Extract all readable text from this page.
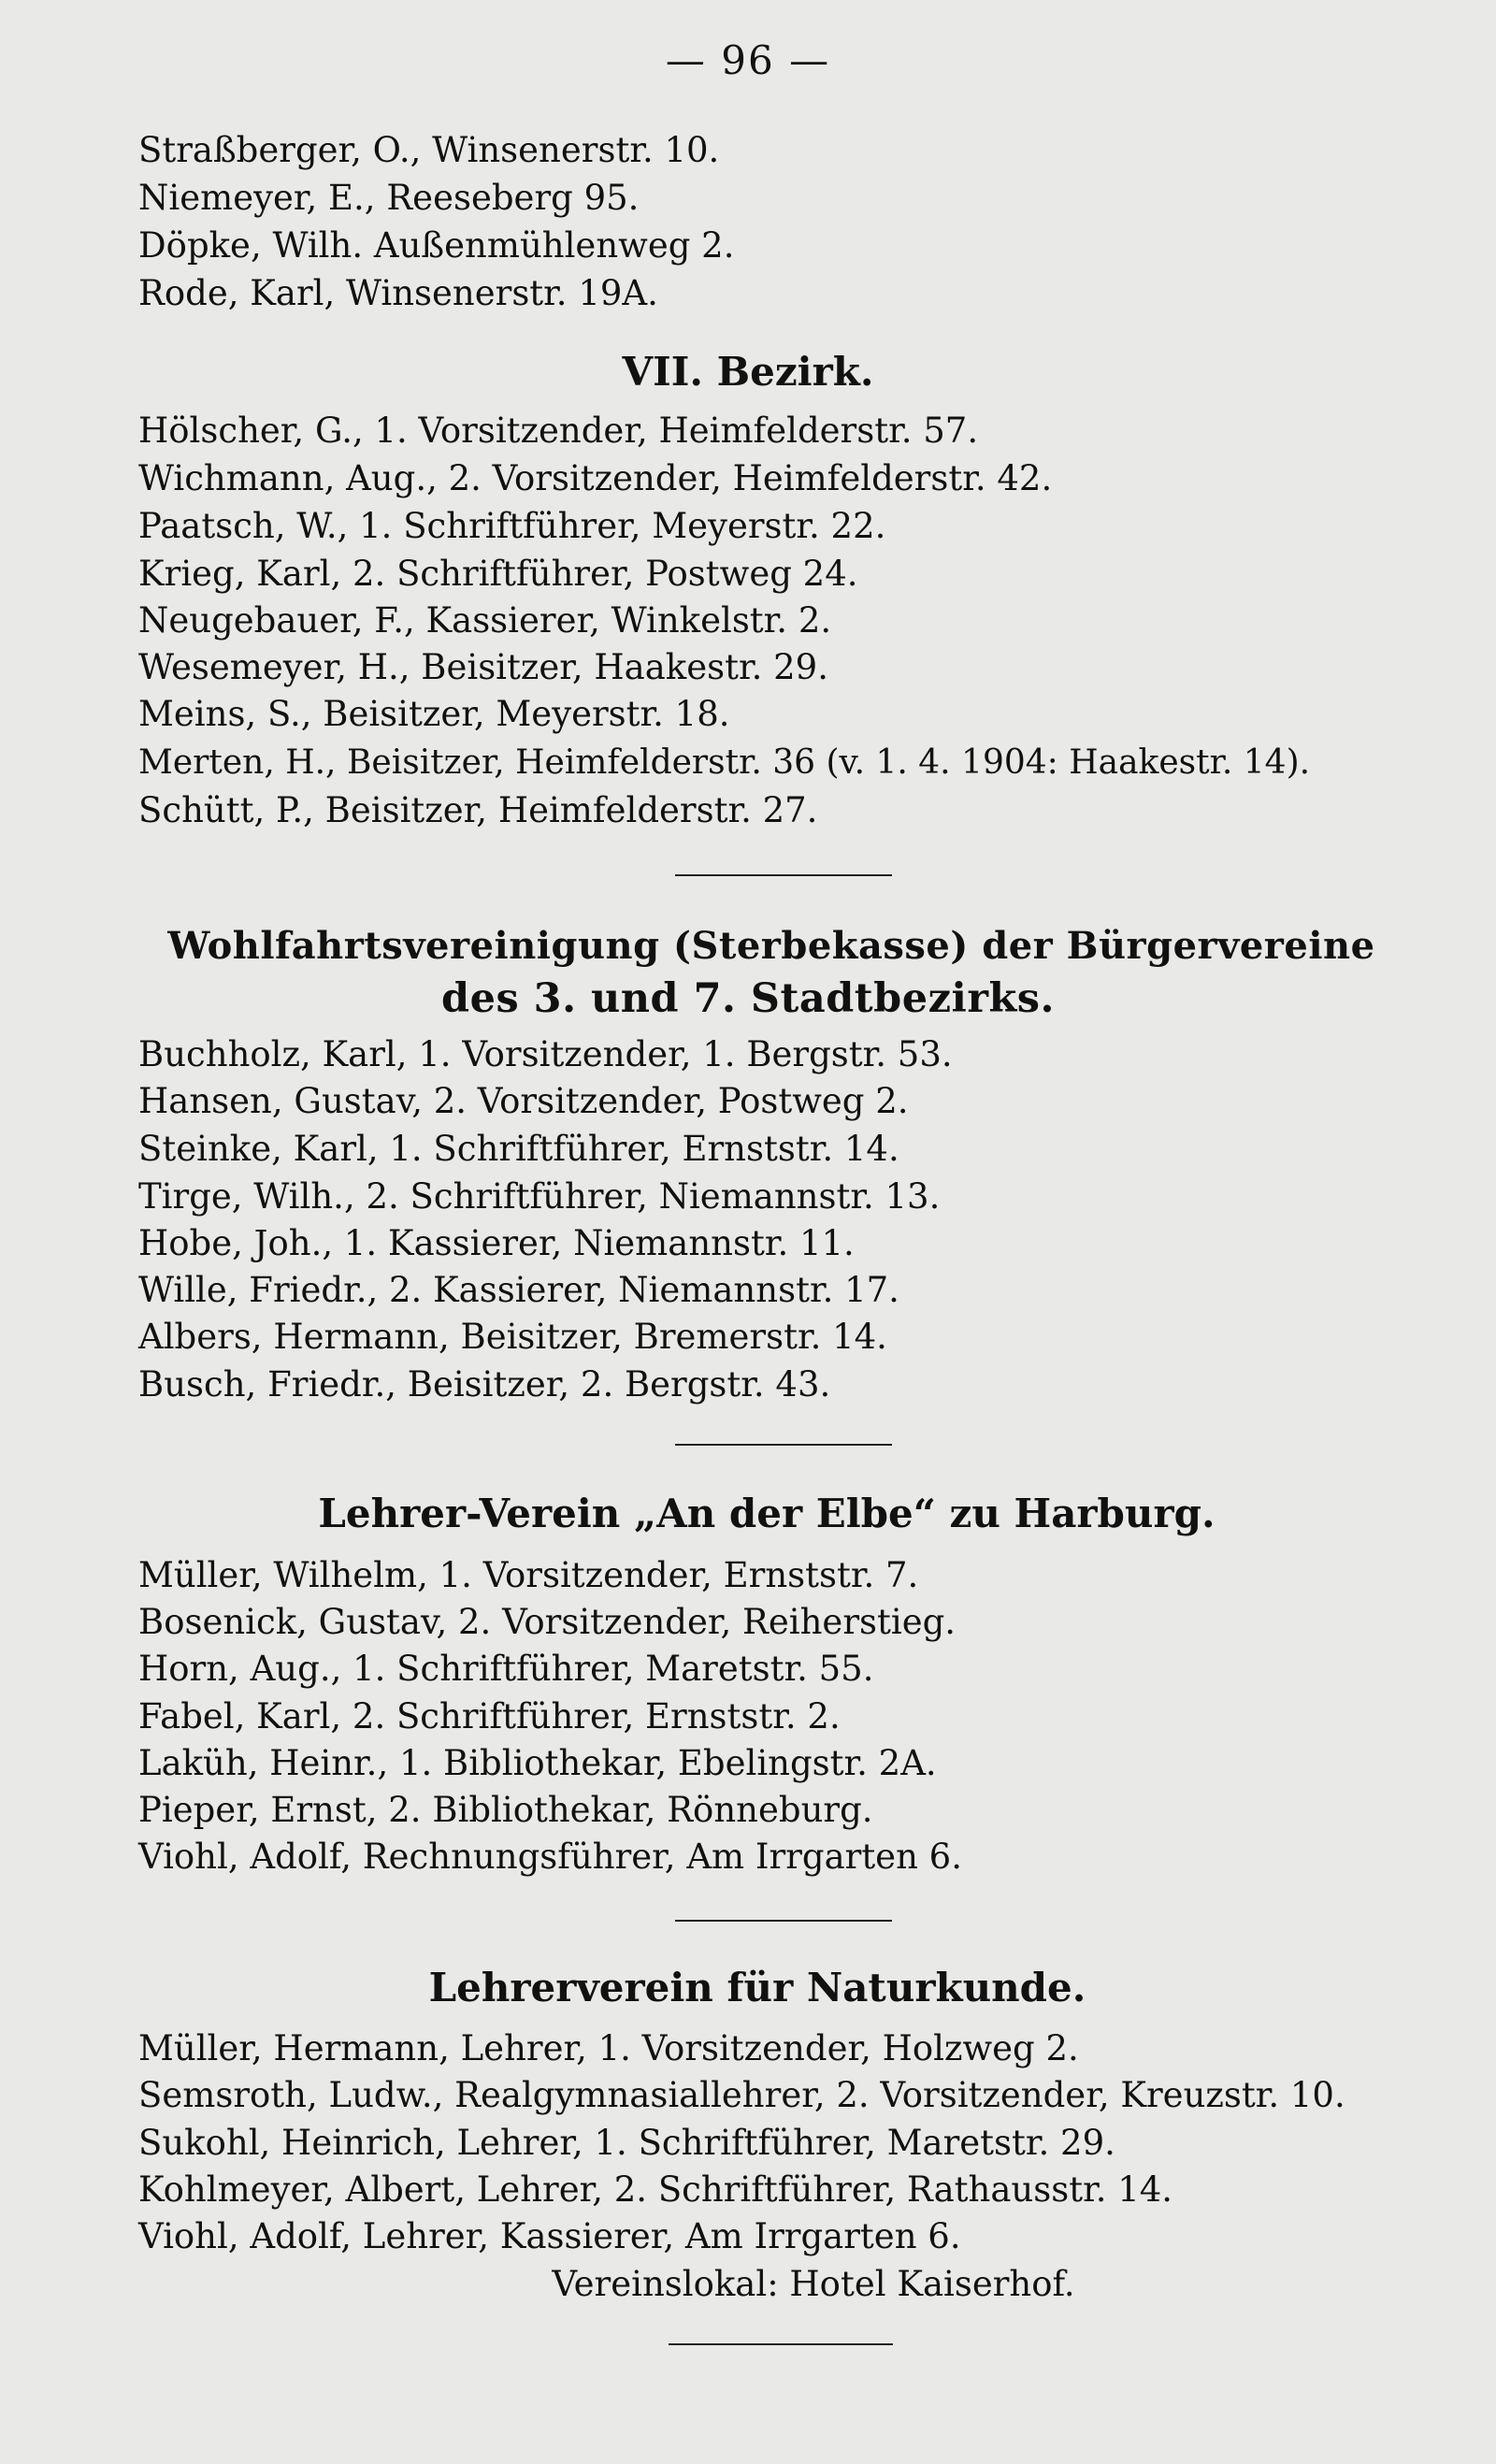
— 96 —
Straßberger, O., Winsenerstr. 10.
Niemeyer, E., Reeseberg 95.
Döpke, Wilh. Außenmühlenweg 2.
Rode, Karl, Winsenerstr. 19A.
VII. Bezirk.
Hölscher, G., 1. Vorsitzender, Heimfelderstr. 57.
Wichmann, Aug., 2. Vorsitzender, Heimfelderstr. 42.
Paatsch, W., 1. Schriftführer, Meyerstr. 22.
Krieg, Karl, 2. Schriftführer, Postweg 24.
Neugebauer, F., Kassierer, Winkelstr. 2.
Wesemeyer, H., Beisitzer, Haakestr. 29.
Meins, S., Beisitzer, Meyerstr. 18.
Merten, H., Beisitzer, Heimfelderstr. 36 (v. 1. 4. 1904: Haakestr. 14).
Schütt, P., Beisitzer, Heimfelderstr. 27.
Wohlfahrtsvereinigung (Sterbekasse) der Bürgervereine
des 3. und 7. Stadtbezirks.
Buchholz, Karl, 1. Vorsitzender, 1. Bergstr. 53.
Hansen, Gustav, 2. Vorsitzender, Postweg 2.
Steinke, Karl, 1. Schriftführer, Ernststr. 14.
Tirge, Wilh., 2. Schriftführer, Niemannstr. 13.
Hobe, Joh., 1. Kassierer, Niemannstr. 11.
Wille, Friedr., 2. Kassierer, Niemannstr. 17.
Albers, Hermann, Beisitzer, Bremerstr. 14.
Busch, Friedr., Beisitzer, 2. Bergstr. 43.
Lehrer-Verein „An der Elbe“ zu Harburg.
Müller, Wilhelm, 1. Vorsitzender, Ernststr. 7.
Bosenick, Gustav, 2. Vorsitzender, Reiherstieg.
Horn, Aug., 1. Schriftführer, Maretstr. 55.
Fabel, Karl, 2. Schriftführer, Ernststr. 2.
Laküh, Heinr., 1. Bibliothekar, Ebelingstr. 2A.
Pieper, Ernst, 2. Bibliothekar, Rönneburg.
Viohl, Adolf, Rechnungsführer, Am Irrgarten 6.
Lehrerverein für Naturkunde.
Müller, Hermann, Lehrer, 1. Vorsitzender, Holzweg 2.
Semsroth, Ludw., Realgymnasiallehrer, 2. Vorsitzender, Kreuzstr. 10.
Sukohl, Heinrich, Lehrer, 1. Schriftführer, Maretstr. 29.
Kohlmeyer, Albert, Lehrer, 2. Schriftführer, Rathausstr. 14.
Viohl, Adolf, Lehrer, Kassierer, Am Irrgarten 6.
Vereinslokal: Hotel Kaiserhof.
